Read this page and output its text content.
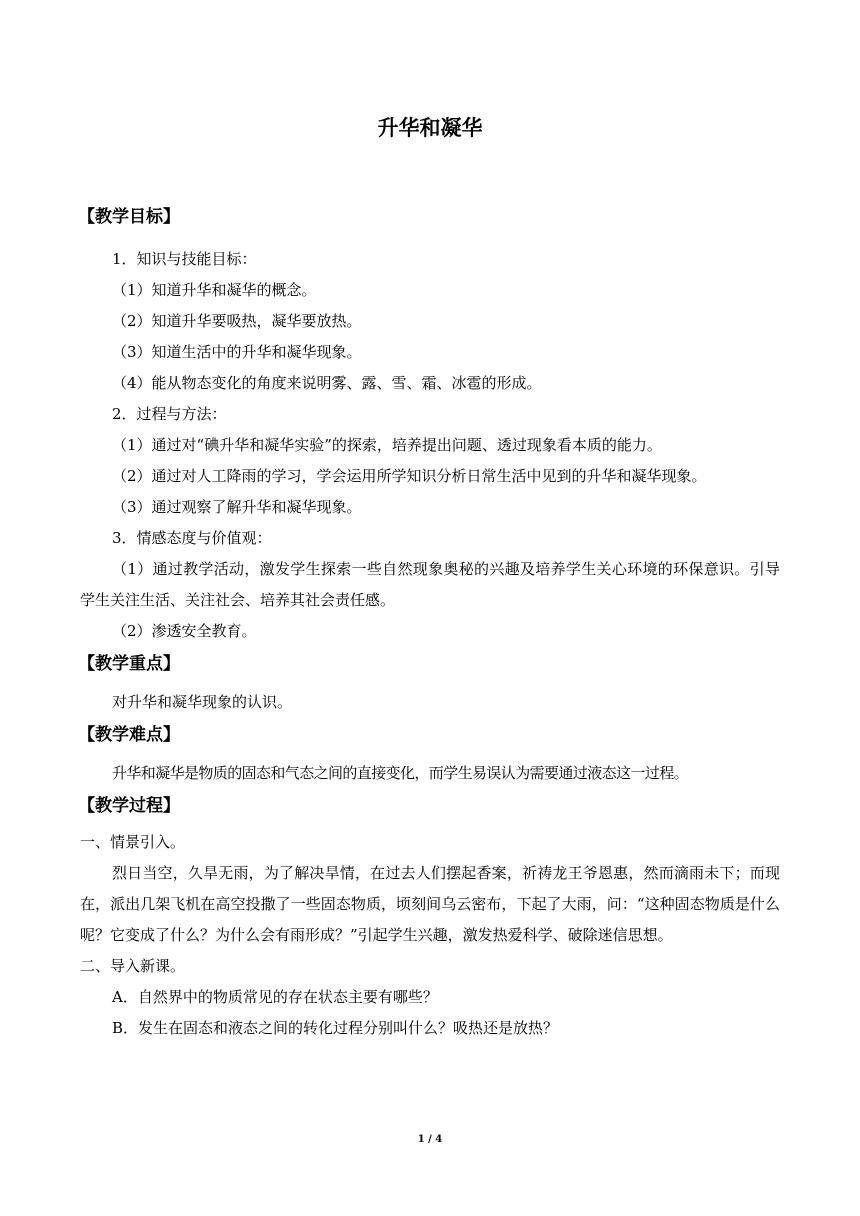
升华和凝华
【教学目标】

1．知识与技能目标：

（1）知道升华和凝华的概念。

（2）知道升华要吸热，凝华要放热。

（3）知道生活中的升华和凝华现象。

（4）能从物态变化的角度来说明雾、露、雪、霜、冰雹的形成。

2．过程与方法：

（1）通过对“碘升华和凝华实验”的探索，培养提出问题、透过现象看本质的能力。

（2）通过对人工降雨的学习，学会运用所学知识分析日常生活中见到的升华和凝华现象。

（3）通过观察了解升华和凝华现象。

3．情感态度与价值观：

（1）通过教学活动，激发学生探索一些自然现象奥秘的兴趣及培养学生关心环境的环保意识。引导学生关注生活、关注社会、培养其社会责任感。

（2）渗透安全教育。

【教学重点】

对升华和凝华现象的认识。

【教学难点】

升华和凝华是物质的固态和气态之间的直接变化，而学生易误认为需要通过液态这一过程。

【教学过程】

一、情景引入。

烈日当空，久旱无雨，为了解决旱情，在过去人们摆起香案，祈祷龙王爷恩惠，然而滴雨未下；而现在，派出几架飞机在高空投撒了一些固态物质，顷刻间乌云密布，下起了大雨，问：“这种固态物质是什么呢？它变成了什么？为什么会有雨形成？”引起学生兴趣，激发热爱科学、破除迷信思想。

二、导入新课。

A．自然界中的物质常见的存在状态主要有哪些？

B．发生在固态和液态之间的转化过程分别叫什么？吸热还是放热？

1 / 4
